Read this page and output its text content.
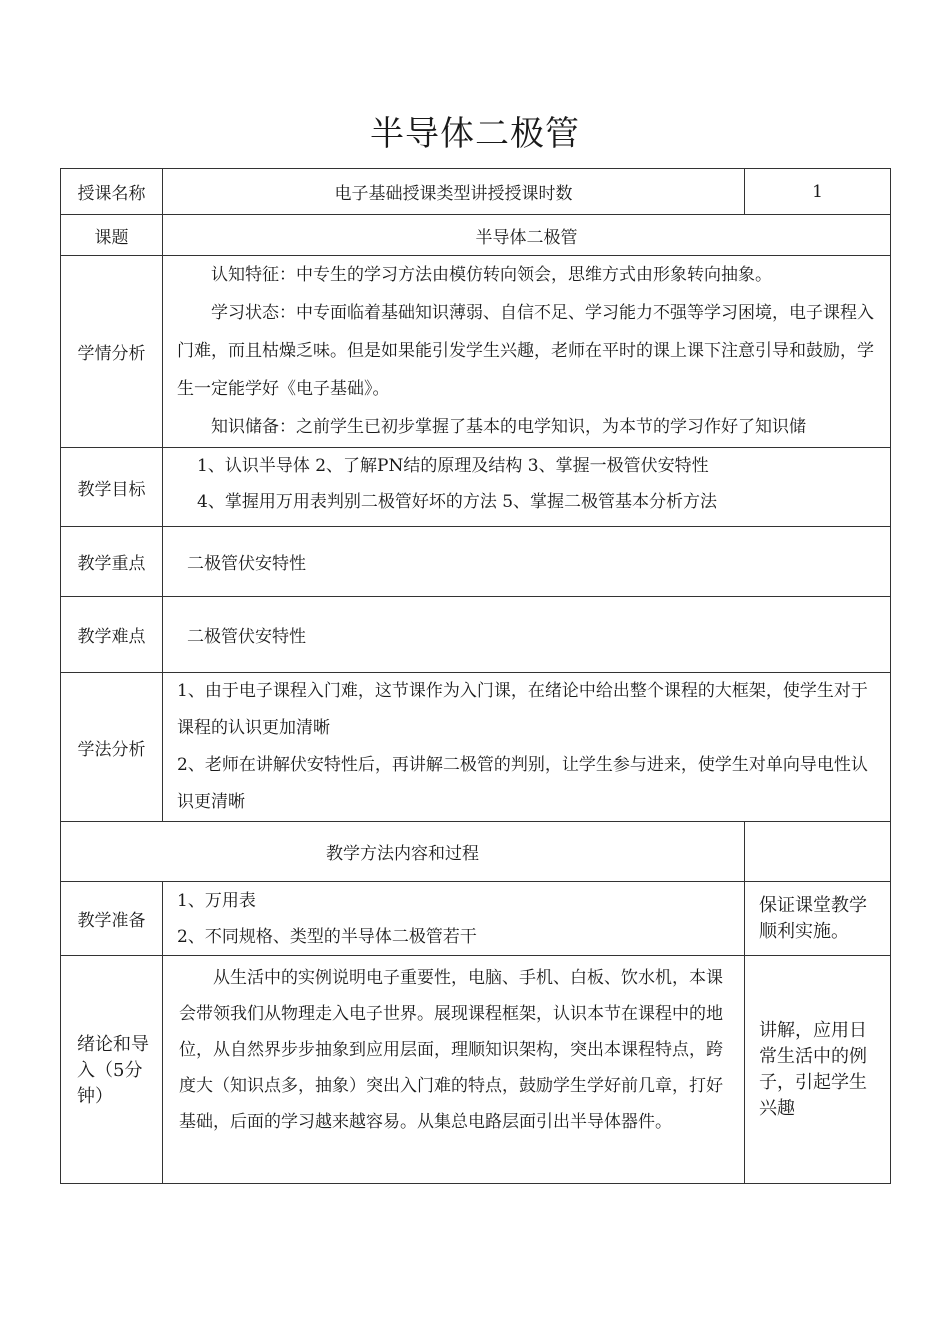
半导体二极管
授课名称	电子基础授课类型讲授授课时数	1
课题	半导体二极管	
学情分析	认知特征：中专生的学习方法由模仿转向领会，思维方式由形象转向抽象。

学习状态：中专面临着基础知识薄弱、自信不足、学习能力不强等学习困境，电子课程入门难，而且枯燥乏味。但是如果能引发学生兴趣，老师在平时的课上课下注意引导和鼓励，学生一定能学好《电子基础》。

知识储备：之前学生已初步掌握了基本的电学知识，为本节的学习作好了知识储	

教学目标	1、认识半导体 2、了解PN结的原理及结构 3、掌握一极管伏安特性

4、掌握用万用表判别二极管好坏的方法 5、掌握二极管基本分析方法	

教学重点	二极管伏安特性	
教学难点	二极管伏安特性	
学法分析	1、由于电子课程入门难，这节课作为入门课，在绪论中给出整个课程的大框架，使学生对于课程的认识更加清晰

2、老师在讲解伏安特性后，再讲解二极管的判别，让学生参与进来，使学生对单向导电性认识更清晰	

教学方法内容和过程		
教学准备	1、万用表

2、不同规格、类型的半导体二极管若干	保证课堂教学顺利实施。
绪论和导入（5分钟）	从生活中的实例说明电子重要性，电脑、手机、白板、饮水机，本课会带领我们从物理走入电子世界。展现课程框架，认识本节在课程中的地位，从自然界步步抽象到应用层面，理顺知识架构，突出本课程特点，跨度大（知识点多，抽象）突出入门难的特点，鼓励学生学好前几章，打好基础，后面的学习越来越容易。从集总电路层面引出半导体器件。	讲解，应用日常生活中的例子，引起学生兴趣
